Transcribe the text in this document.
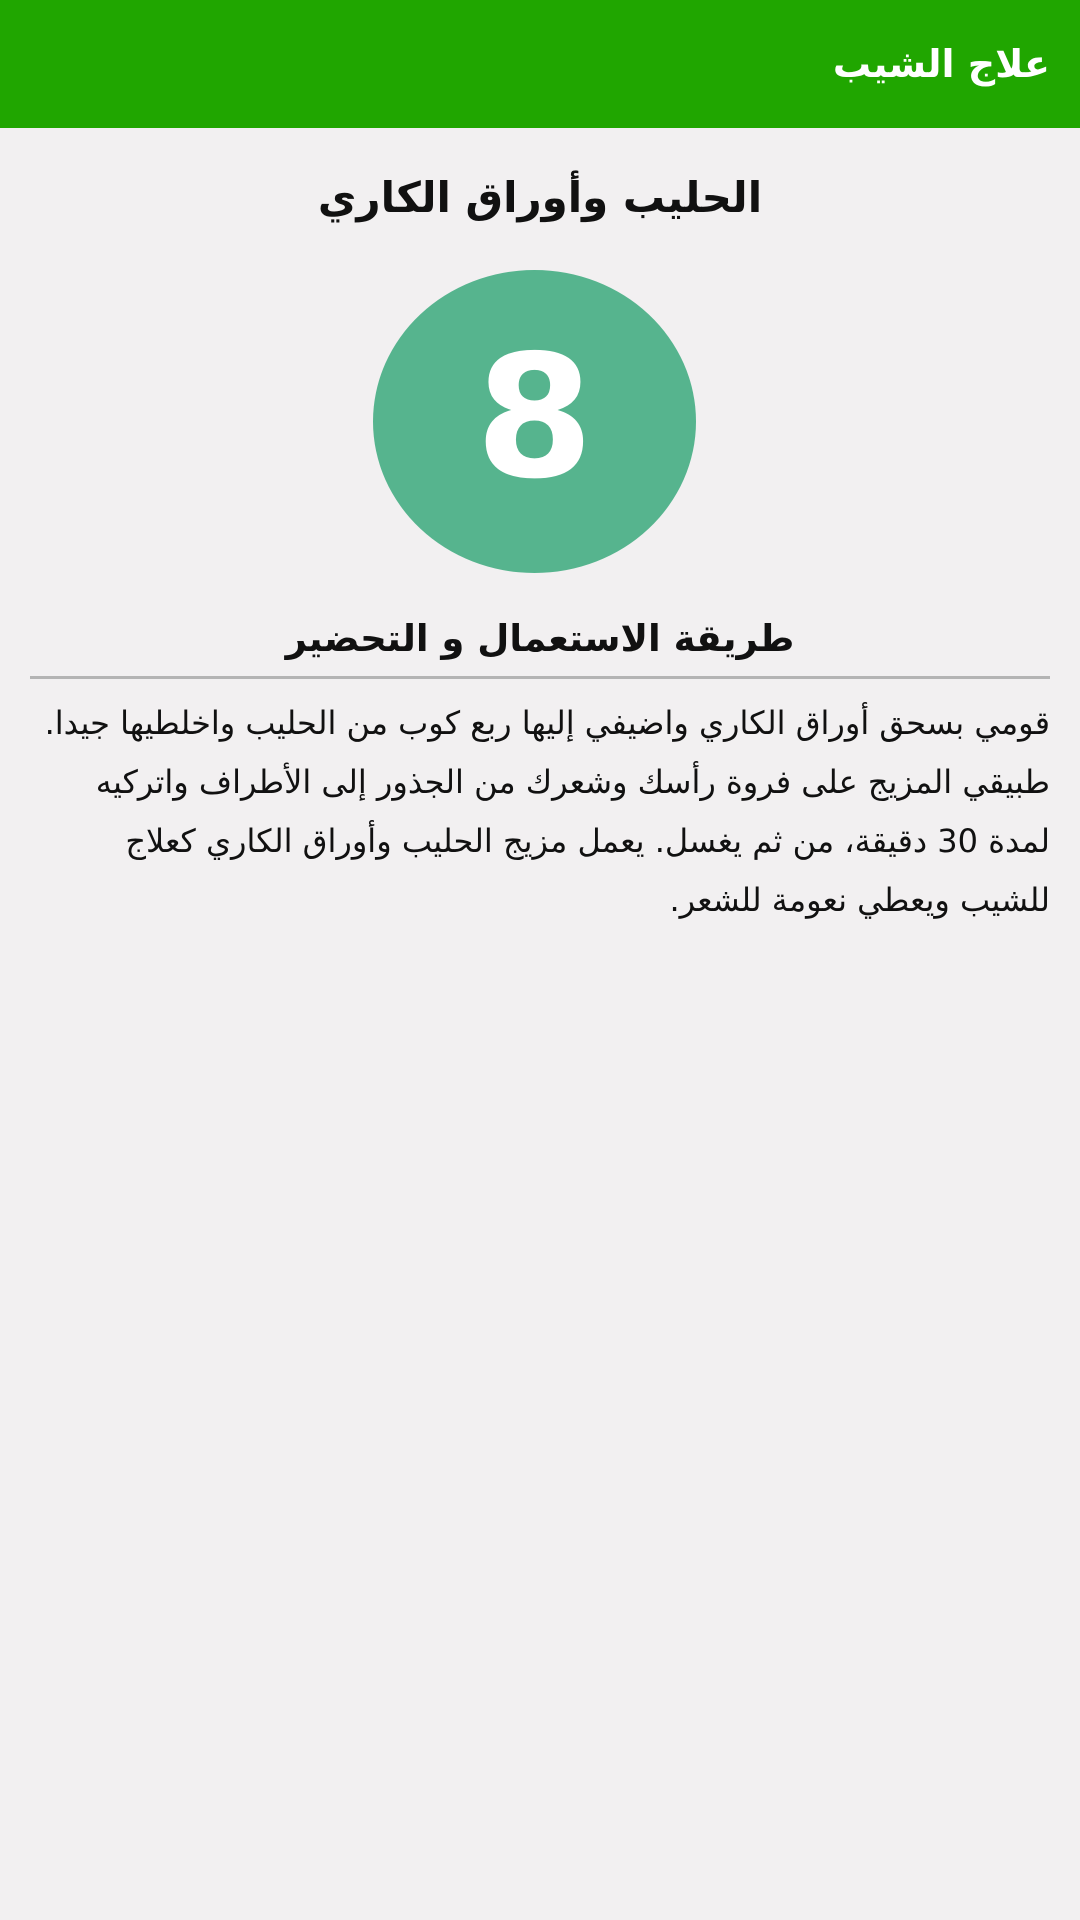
علاج الشيب
الحليب وأوراق الكاري
8
طريقة الاستعمال و التحضير

قومي بسحق أوراق الكاري واضيفي إليها ربع كوب من الحليب واخلطيها جيدا. طبيقي المزيج على فروة رأسك وشعرك من الجذور إلى الأطراف واتركيه لمدة 30 دقيقة، من ثم يغسل. يعمل مزيج الحليب وأوراق الكاري كعلاج للشيب ويعطي نعومة للشعر.
